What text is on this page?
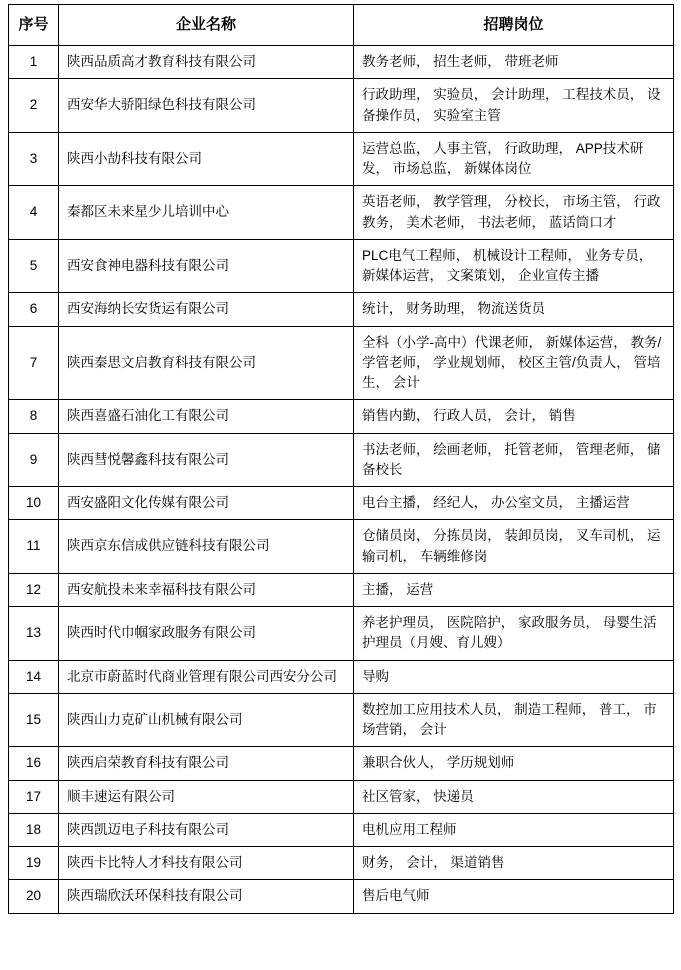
序号	企业名称	招聘岗位
1	陕西品质高才教育科技有限公司	教务老师， 招生老师， 带班老师
2	西安华大骄阳绿色科技有限公司	行政助理， 实验员， 会计助理， 工程技术员， 设备操作员， 实验室主管
3	陕西小劼科技有限公司	运营总监， 人事主管， 行政助理， APP技术研发， 市场总监， 新媒体岗位
4	秦都区未来星少儿培训中心	英语老师， 教学管理， 分校长， 市场主管， 行政 教务， 美术老师， 书法老师， 蓝话筒口才
5	西安食神电器科技有限公司	PLC电气工程师， 机械设计工程师， 业务专员， 新媒体运营， 文案策划， 企业宣传主播
6	西安海纳长安货运有限公司	统计， 财务助理， 物流送货员
7	陕西秦思文启教育科技有限公司	全科（小学-高中）代课老师， 新媒体运营， 教务/学管老师， 学业规划师， 校区主管/负责人， 管培生， 会计
8	陕西喜盛石油化工有限公司	销售内勤， 行政人员， 会计， 销售
9	陕西彗悦馨鑫科技有限公司	书法老师， 绘画老师， 托管老师， 管理老师， 储备校长
10	西安盛阳文化传媒有限公司	电台主播， 经纪人， 办公室文员， 主播运营
11	陕西京东信成供应链科技有限公司	仓储员岗， 分拣员岗， 装卸员岗， 叉车司机， 运输司机， 车辆维修岗
12	西安航投未来幸福科技有限公司	主播， 运营
13	陕西时代巾帼家政服务有限公司	养老护理员， 医院陪护， 家政服务员， 母婴生活护理员（月嫂、育儿嫂）
14	北京市蔚蓝时代商业管理有限公司西安分公司	导购
15	陕西山力克矿山机械有限公司	数控加工应用技术人员， 制造工程师， 普工， 市场营销， 会计
16	陕西启荣教育科技有限公司	兼职合伙人， 学历规划师
17	顺丰速运有限公司	社区管家， 快递员
18	陕西凯迈电子科技有限公司	电机应用工程师
19	陕西卡比特人才科技有限公司	财务， 会计， 渠道销售
20	陕西瑞欣沃环保科技有限公司	售后电气师
